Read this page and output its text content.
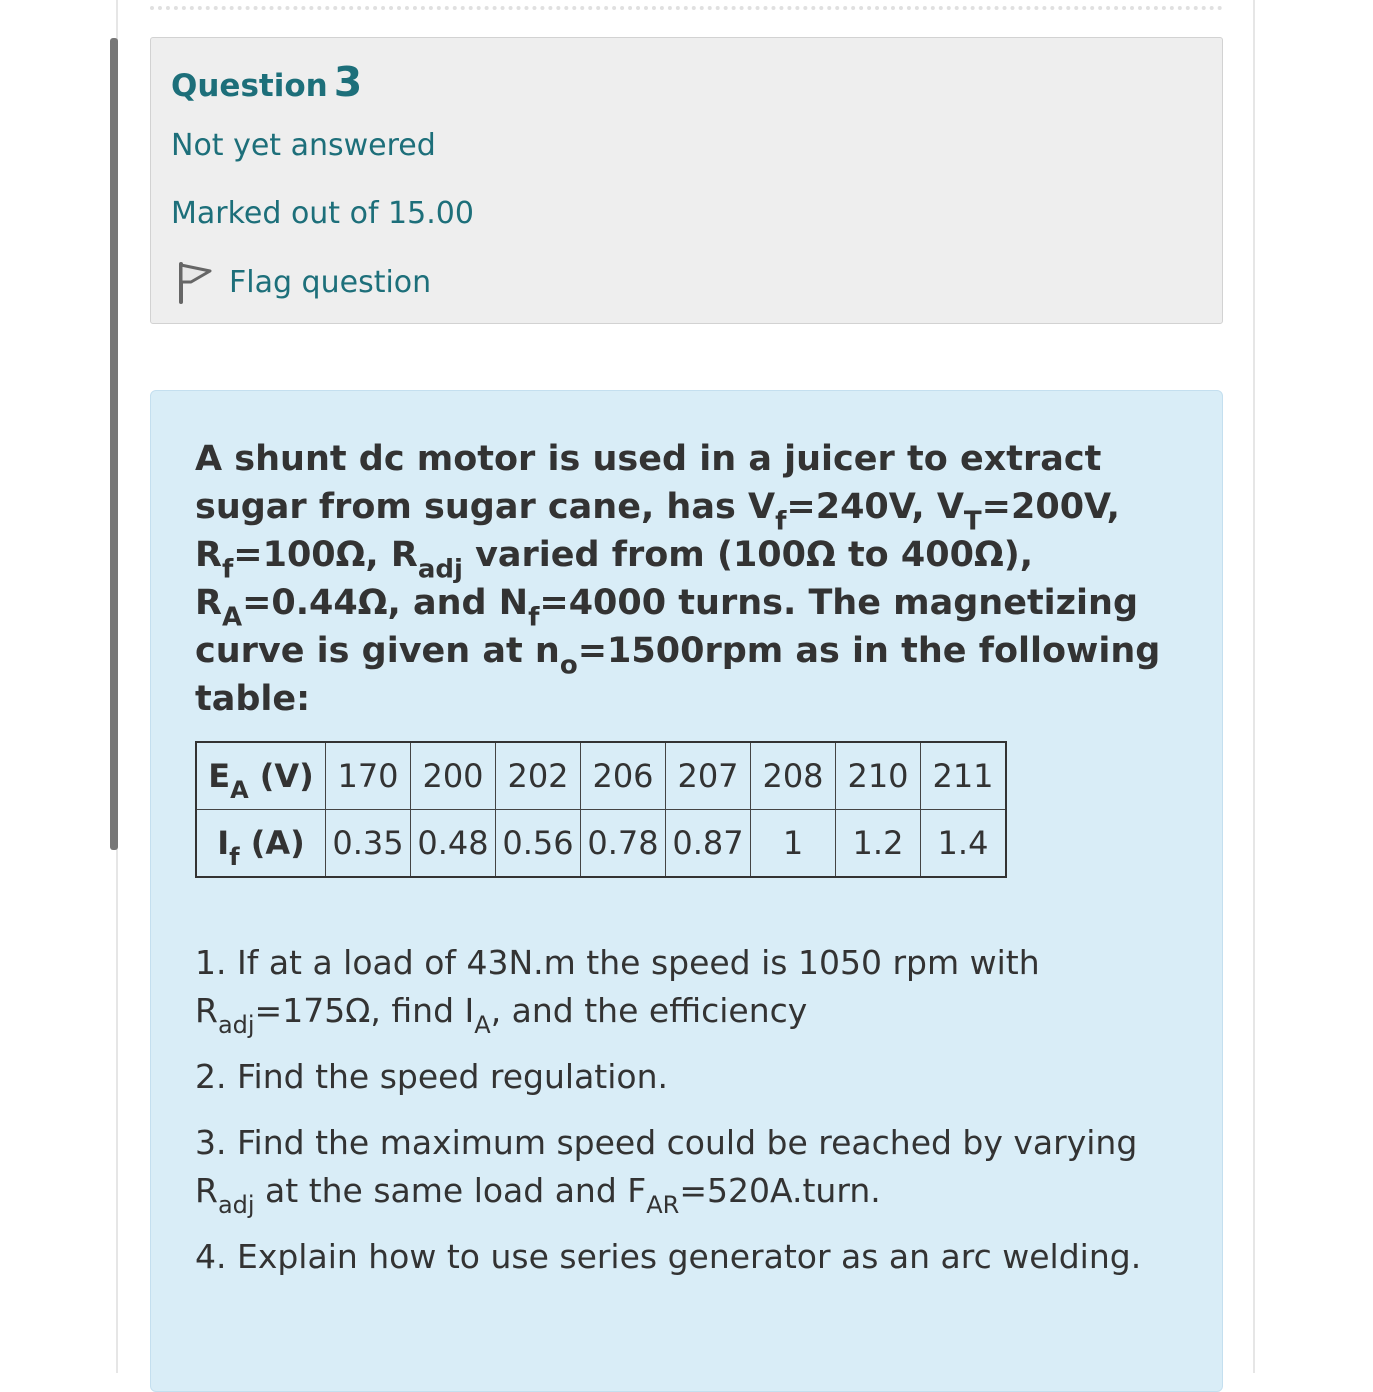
Question 3
Not yet answered
Marked out of 15.00
Flag question
A shunt dc motor is used in a juicer to extract sugar from sugar cane, has $V_f=240V$, $V_T=200V$, $R_f=100\Omega$, $R_{adj}$ varied from (100Ω to 400Ω), $R_A=0.44\Omega$, and $N_f=4000$ turns. The magnetizing curve is given at $n_o=1500rpm$ as in the following table:
$E_A$ (V)	170	200	202	206	207	208	210	211
$I_f$ (A)	0.35	0.48	0.56	0.78	0.87	1	1.2	1.4

1. If at a load of 43N.m the speed is 1050 rpm with $R_{adj}=175\Omega$, find $I_A$, and the efficiency

2. Find the speed regulation.

3. Find the maximum speed could be reached by varying $R_{adj}$ at the same load and $F_{AR}=520A.turn$.

4. Explain how to use series generator as an arc welding.
